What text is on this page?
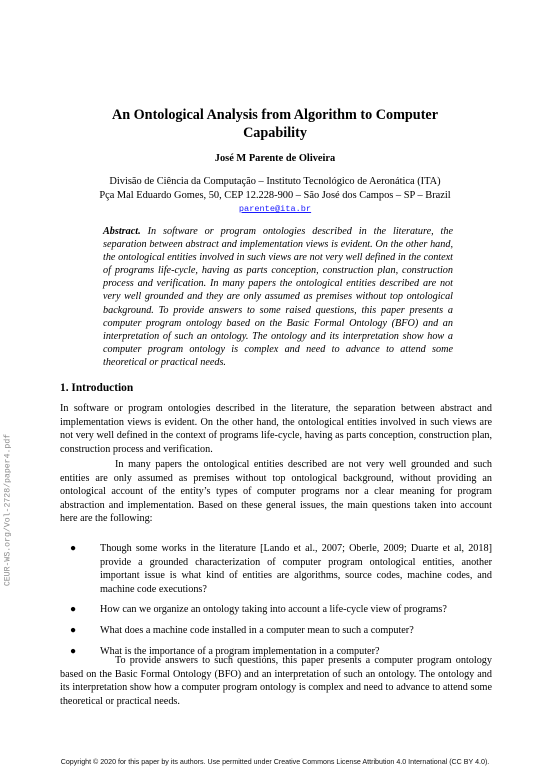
An Ontological Analysis from Algorithm to Computer Capability
José M Parente de Oliveira
Divisão de Ciência da Computação – Instituto Tecnológico de Aeronática (ITA)
Pça Mal Eduardo Gomes, 50, CEP 12.228-900 – São José dos Campos – SP – Brazil
parente@ita.br
Abstract. In software or program ontologies described in the literature, the separation between abstract and implementation views is evident. On the other hand, the ontological entities involved in such views are not very well defined in the context of programs life-cycle, having as parts conception, construction plan, construction process and verification. In many papers the ontological entities described are not very well grounded and they are only assumed as premises without top ontological background. To provide answers to some raised questions, this paper presents a computer program ontology based on the Basic Formal Ontology (BFO) and an interpretation of such an ontology. The ontology and its interpretation show how a computer program ontology is complex and need to advance to attend some theoretical or practical needs.
1. Introduction
In software or program ontologies described in the literature, the separation between abstract and implementation views is evident. On the other hand, the ontological entities involved in such views are not very well defined in the context of programs life-cycle, having as parts conception, construction plan, construction process and verification.
In many papers the ontological entities described are not very well grounded and such entities are only assumed as premises without top ontological background, without providing an ontological account of the entity’s types of computer programs nor a clear meaning for program abstraction and implementation. Based on these general issues, the main questions taken into account here are the following:
● Though some works in the literature [Lando et al., 2007; Oberle, 2009; Duarte et al, 2018] provide a grounded characterization of computer program ontological entities, another important issue is what kind of entities are algorithms, source codes, machine codes, and machine code executions?
● How can we organize an ontology taking into account a life-cycle view of programs?
● What does a machine code installed in a computer mean to such a computer?
● What is the importance of a program implementation in a computer?
To provide answers to such questions, this paper presents a computer program ontology based on the Basic Formal Ontology (BFO) and an interpretation of such an ontology. The ontology and its interpretation show how a computer program ontology is complex and need to advance to attend some theoretical or practical needs.
CEUR-WS.org/Vol-2728/paper4.pdf
Copyright © 2020 for this paper by its authors. Use permitted under Creative Commons License Attribution 4.0 International (CC BY 4.0).
